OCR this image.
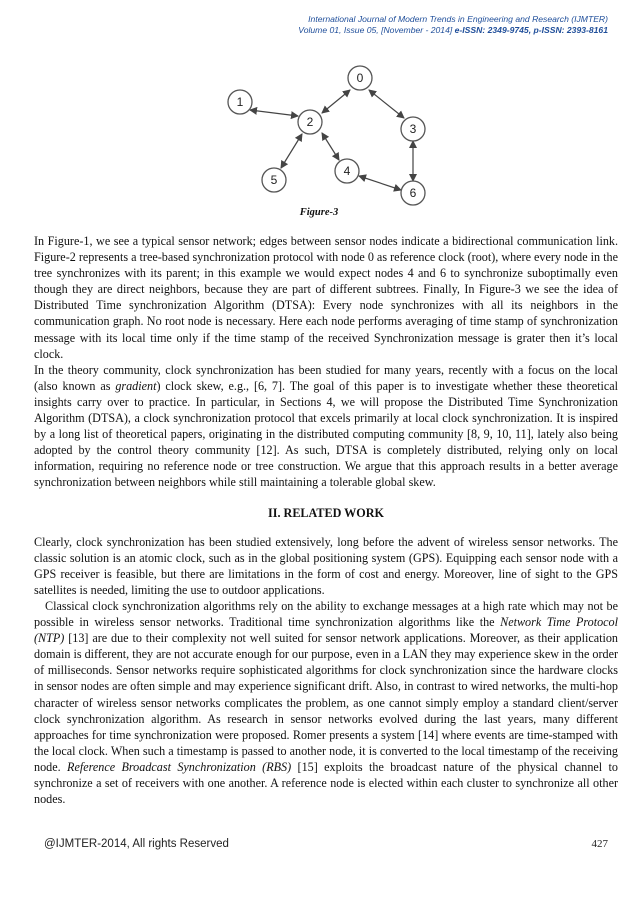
International Journal of Modern Trends in Engineering and Research (IJMTER)
Volume 01, Issue 05, [November - 2014] e-ISSN: 2349-9745, p-ISSN: 2393-8161
0
1
2	3
4
5
6
Figure-3

In Figure-1, we see a typical sensor network; edges between sensor nodes indicate a bidirectional communication link. Figure-2 represents a tree-based synchronization protocol with node 0 as reference clock (root), where every node in the tree synchronizes with its parent; in this example we would expect nodes 4 and 6 to synchronize suboptimally even though they are direct neighbors, because they are part of different subtrees. Finally, In Figure-3 we see the idea of Distributed Time synchronization Algorithm (DTSA): Every node synchronizes with all its neighbors in the communication graph. No root node is necessary. Here each node performs averaging of time stamp of synchronization message with its local time only if the time stamp of the received Synchronization message is grater then it’s local clock.

In the theory community, clock synchronization has been studied for many years, recently with a focus on the local (also known as gradient) clock skew, e.g., [6, 7]. The goal of this paper is to investigate whether these theoretical insights carry over to practice. In particular, in Sections 4, we will propose the Distributed Time Synchronization Algorithm (DTSA), a clock synchronization protocol that excels primarily at local clock synchronization. It is inspired by a long list of theoretical papers, originating in the distributed computing community [8, 9, 10, 11], lately also being adopted by the control theory community [12]. As such, DTSA is completely distributed, relying only on local information, requiring no reference node or tree construction. We argue that this approach results in a better average synchronization between neighbors while still maintaining a tolerable global skew.

II. RELATED WORK

Clearly, clock synchronization has been studied extensively, long before the advent of wireless sensor networks. The classic solution is an atomic clock, such as in the global positioning system (GPS). Equipping each sensor node with a GPS receiver is feasible, but there are limitations in the form of cost and energy. Moreover, line of sight to the GPS satellites is needed, limiting the use to outdoor applications.

Classical clock synchronization algorithms rely on the ability to exchange messages at a high rate which may not be possible in wireless sensor networks. Traditional time synchronization algorithms like the Network Time Protocol (NTP) [13] are due to their complexity not well suited for sensor network applications. Moreover, as their application domain is different, they are not accurate enough for our purpose, even in a LAN they may experience skew in the order of milliseconds. Sensor networks require sophisticated algorithms for clock synchronization since the hardware clocks in sensor nodes are often simple and may experience significant drift. Also, in contrast to wired networks, the multi-hop character of wireless sensor networks complicates the problem, as one cannot simply employ a standard client/server clock synchronization algorithm. As research in sensor networks evolved during the last years, many different approaches for time synchronization were proposed. Romer presents a system [14] where events are time-stamped with the local clock. When such a timestamp is passed to another node, it is converted to the local timestamp of the receiving node. Reference Broadcast Synchronization (RBS) [15] exploits the broadcast nature of the physical channel to synchronize a set of receivers with one another. A reference node is elected within each cluster to synchronize all other nodes.

@IJMTER-2014, All rights Reserved	427
